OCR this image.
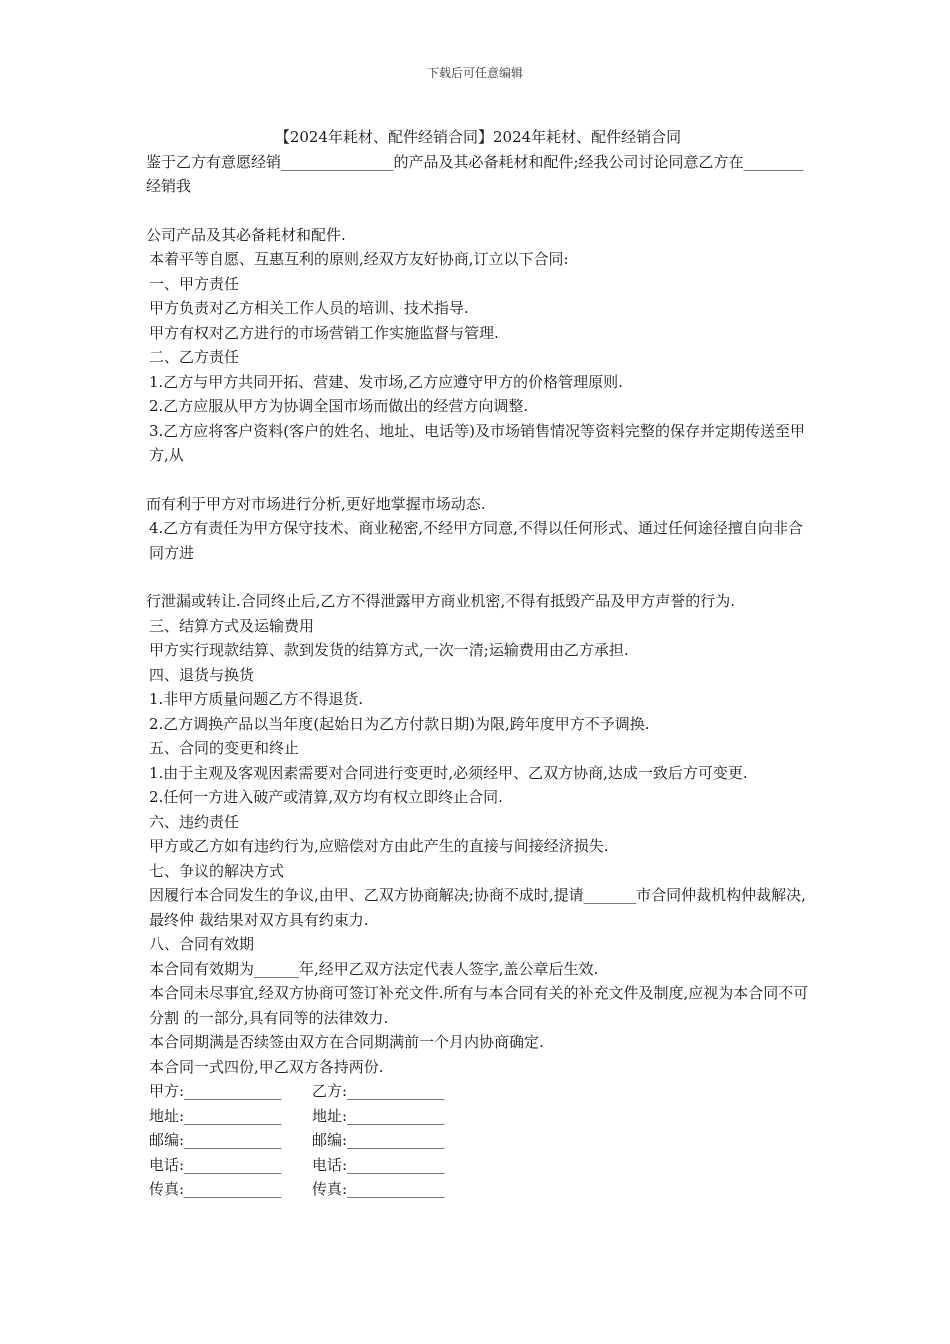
下载后可任意编辑
【2024年耗材、配件经销合同】2024年耗材、配件经销合同
鉴于乙方有意愿经销_______________的产品及其必备耗材和配件;经我公司讨论同意乙方在________经销我
公司产品及其必备耗材和配件.
本着平等自愿、互惠互利的原则,经双方友好协商,订立以下合同:
一、甲方责任
甲方负责对乙方相关工作人员的培训、技术指导.
甲方有权对乙方进行的市场营销工作实施监督与管理.
二、乙方责任
1.乙方与甲方共同开拓、营建、发市场,乙方应遵守甲方的价格管理原则.
2.乙方应服从甲方为协调全国市场而做出的经营方向调整.
3.乙方应将客户资料(客户的姓名、地址、电话等)及市场销售情况等资料完整的保存并定期传送至甲方,从
而有利于甲方对市场进行分析,更好地掌握市场动态.
4.乙方有责任为甲方保守技术、商业秘密,不经甲方同意,不得以任何形式、通过任何途径擅自向非合同方进
行泄漏或转让.合同终止后,乙方不得泄露甲方商业机密,不得有抵毁产品及甲方声誉的行为.
三、结算方式及运输费用
甲方实行现款结算、款到发货的结算方式,一次一清;运输费用由乙方承担.
四、退货与换货
1.非甲方质量问题乙方不得退货.
2.乙方调换产品以当年度(起始日为乙方付款日期)为限,跨年度甲方不予调换.
五、合同的变更和终止
1.由于主观及客观因素需要对合同进行变更时,必须经甲、乙双方协商,达成一致后方可变更.
2.任何一方进入破产或清算,双方均有权立即终止合同.
六、违约责任
甲方或乙方如有违约行为,应赔偿对方由此产生的直接与间接经济损失.
七、争议的解决方式
因履行本合同发生的争议,由甲、乙双方协商解决;协商不成时,提请_______市合同仲裁机构仲裁解决,最终仲 裁结果对双方具有约束力.
八、合同有效期
本合同有效期为______年,经甲乙双方法定代表人签字,盖公章后生效.
本合同未尽事宜,经双方协商可签订补充文件.所有与本合同有关的补充文件及制度,应视为本合同不可分割 的一部分,具有同等的法律效力.
本合同期满是否续签由双方在合同期满前一个月内协商确定.
本合同一式四份,甲乙双方各持两份.
甲方:_____________	乙方:_____________
地址:_____________	地址:_____________
邮编:_____________	邮编:_____________
电话:_____________	电话:_____________
传真:_____________	传真:_____________
